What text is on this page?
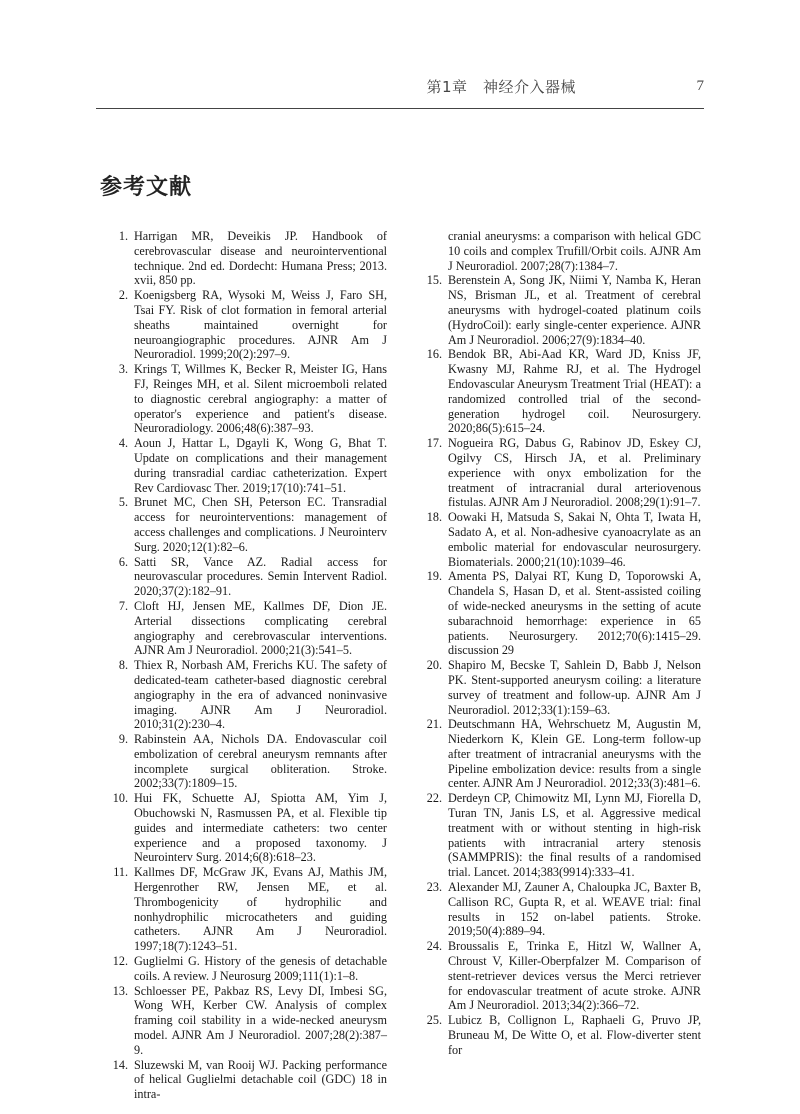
第1章　神经介入器械	7
参考文献
1. Harrigan MR, Deveikis JP. Handbook of cerebrovascular disease and neurointerventional technique. 2nd ed. Dordecht: Humana Press; 2013. xvii, 850 pp.
2. Koenigsberg RA, Wysoki M, Weiss J, Faro SH, Tsai FY. Risk of clot formation in femoral arterial sheaths maintained overnight for neuroangiographic procedures. AJNR Am J Neuroradiol. 1999;20(2):297–9.
3. Krings T, Willmes K, Becker R, Meister IG, Hans FJ, Reinges MH, et al. Silent microemboli related to diagnostic cerebral angiography: a matter of operator's experience and patient's disease. Neuroradiology. 2006;48(6):387–93.
4. Aoun J, Hattar L, Dgayli K, Wong G, Bhat T. Update on complications and their management during transradial cardiac catheterization. Expert Rev Cardiovasc Ther. 2019;17(10):741–51.
5. Brunet MC, Chen SH, Peterson EC. Transradial access for neurointerventions: management of access challenges and complications. J Neurointerv Surg. 2020;12(1):82–6.
6. Satti SR, Vance AZ. Radial access for neurovascular procedures. Semin Intervent Radiol. 2020;37(2):182–91.
7. Cloft HJ, Jensen ME, Kallmes DF, Dion JE. Arterial dissections complicating cerebral angiography and cerebrovascular interventions. AJNR Am J Neuroradiol. 2000;21(3):541–5.
8. Thiex R, Norbash AM, Frerichs KU. The safety of dedicated-team catheter-based diagnostic cerebral angiography in the era of advanced noninvasive imaging. AJNR Am J Neuroradiol. 2010;31(2):230–4.
9. Rabinstein AA, Nichols DA. Endovascular coil embolization of cerebral aneurysm remnants after incomplete surgical obliteration. Stroke. 2002;33(7):1809–15.
10. Hui FK, Schuette AJ, Spiotta AM, Yim J, Obuchowski N, Rasmussen PA, et al. Flexible tip guides and intermediate catheters: two center experience and a proposed taxonomy. J Neurointerv Surg. 2014;6(8):618–23.
11. Kallmes DF, McGraw JK, Evans AJ, Mathis JM, Hergenrother RW, Jensen ME, et al. Thrombogenicity of hydrophilic and nonhydrophilic microcatheters and guiding catheters. AJNR Am J Neuroradiol. 1997;18(7):1243–51.
12. Guglielmi G. History of the genesis of detachable coils. A review. J Neurosurg 2009;111(1):1–8.
13. Schloesser PE, Pakbaz RS, Levy DI, Imbesi SG, Wong WH, Kerber CW. Analysis of complex framing coil stability in a wide-necked aneurysm model. AJNR Am J Neuroradiol. 2007;28(2):387–9.
14. Sluzewski M, van Rooij WJ. Packing performance of helical Guglielmi detachable coil (GDC) 18 in intra-

cranial aneurysms: a comparison with helical GDC 10 coils and complex Trufill/Orbit coils. AJNR Am J Neuroradiol. 2007;28(7):1384–7.

15. Berenstein A, Song JK, Niimi Y, Namba K, Heran NS, Brisman JL, et al. Treatment of cerebral aneurysms with hydrogel-coated platinum coils (HydroCoil): early single-center experience. AJNR Am J Neuroradiol. 2006;27(9):1834–40.
16. Bendok BR, Abi-Aad KR, Ward JD, Kniss JF, Kwasny MJ, Rahme RJ, et al. The Hydrogel Endovascular Aneurysm Treatment Trial (HEAT): a randomized controlled trial of the second-generation hydrogel coil. Neurosurgery. 2020;86(5):615–24.
17. Nogueira RG, Dabus G, Rabinov JD, Eskey CJ, Ogilvy CS, Hirsch JA, et al. Preliminary experience with onyx embolization for the treatment of intracranial dural arteriovenous fistulas. AJNR Am J Neuroradiol. 2008;29(1):91–7.
18. Oowaki H, Matsuda S, Sakai N, Ohta T, Iwata H, Sadato A, et al. Non-adhesive cyanoacrylate as an embolic material for endovascular neurosurgery. Biomaterials. 2000;21(10):1039–46.
19. Amenta PS, Dalyai RT, Kung D, Toporowski A, Chandela S, Hasan D, et al. Stent-assisted coiling of wide-necked aneurysms in the setting of acute subarachnoid hemorrhage: experience in 65 patients. Neurosurgery. 2012;70(6):1415–29. discussion 29
20. Shapiro M, Becske T, Sahlein D, Babb J, Nelson PK. Stent-supported aneurysm coiling: a literature survey of treatment and follow-up. AJNR Am J Neuroradiol. 2012;33(1):159–63.
21. Deutschmann HA, Wehrschuetz M, Augustin M, Niederkorn K, Klein GE. Long-term follow-up after treatment of intracranial aneurysms with the Pipeline embolization device: results from a single center. AJNR Am J Neuroradiol. 2012;33(3):481–6.
22. Derdeyn CP, Chimowitz MI, Lynn MJ, Fiorella D, Turan TN, Janis LS, et al. Aggressive medical treatment with or without stenting in high-risk patients with intracranial artery stenosis (SAMMPRIS): the final results of a randomised trial. Lancet. 2014;383(9914):333–41.
23. Alexander MJ, Zauner A, Chaloupka JC, Baxter B, Callison RC, Gupta R, et al. WEAVE trial: final results in 152 on-label patients. Stroke. 2019;50(4):889–94.
24. Broussalis E, Trinka E, Hitzl W, Wallner A, Chroust V, Killer-Oberpfalzer M. Comparison of stent-retriever devices versus the Merci retriever for endovascular treatment of acute stroke. AJNR Am J Neuroradiol. 2013;34(2):366–72.
25. Lubicz B, Collignon L, Raphaeli G, Pruvo JP, Bruneau M, De Witte O, et al. Flow-diverter stent for
